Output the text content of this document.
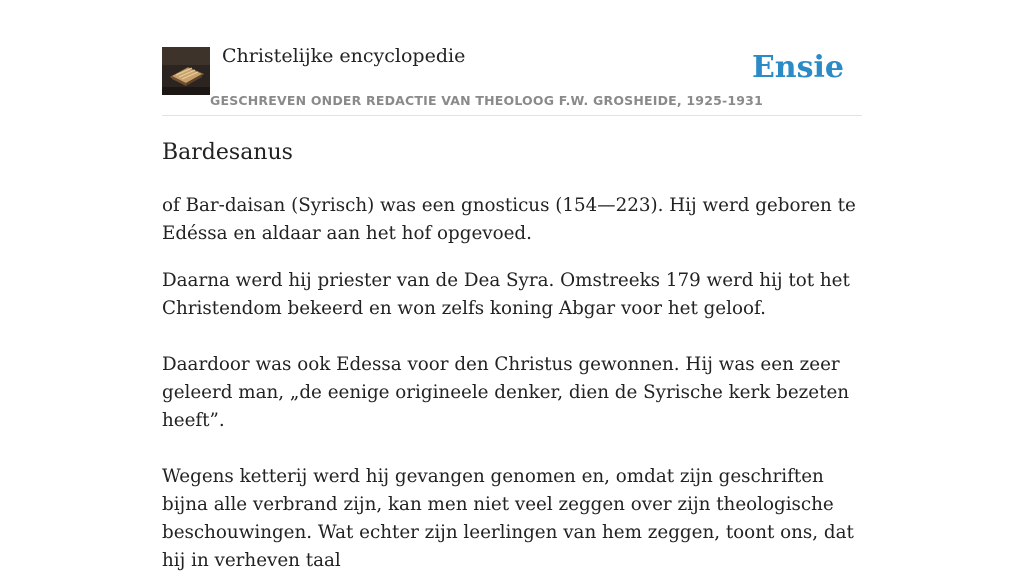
Christelijke encyclopedie
GESCHREVEN ONDER REDACTIE VAN THEOLOOG F.W. GROSHEIDE, 1925-1931
Ensie
Bardesanus

of Bar-daisan (Syrisch) was een gnosticus (154—223). Hij werd geboren te Edéssa en aldaar aan het hof opgevoed.

Daarna werd hij priester van de Dea Syra. Omstreeks 179 werd hij tot het Christendom bekeerd en won zelfs koning Abgar voor het geloof.

Daardoor was ook Edessa voor den Christus gewonnen. Hij was een zeer geleerd man, „de eenige origineele denker, dien de Syrische kerk bezeten heeft”.

Wegens ketterij werd hij gevangen genomen en, omdat zijn geschriften bijna alle verbrand zijn, kan men niet veel zeggen over zijn theologische beschouwingen. Wat echter zijn leerlingen van hem zeggen, toont ons, dat hij in verheven taal
